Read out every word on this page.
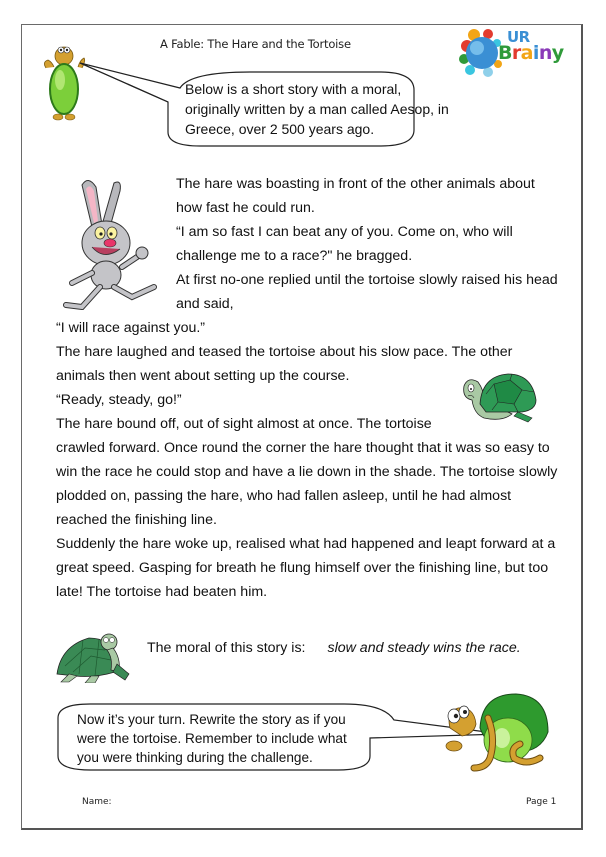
A Fable: The Hare and the Tortoise	UR
Brainy
Below is a short story with a moral,
originally written by a man called Aesop, in
Greece, over 2 500 years ago.
The hare was boasting in front of the other animals about
how fast he could run.
“I am so fast I can beat any of you. Come on, who will
challenge me to a race?" he bragged.
At first no-one replied until the tortoise slowly raised his head
and said,
“I will race against you.”
The hare laughed and teased the tortoise about his slow pace. The other
animals then went about setting up the course.
“Ready, steady, go!”
The hare bound off, out of sight almost at once. The tortoise
crawled forward. Once round the corner the hare thought that it was so easy to
win the race he could stop and have a lie down in the shade. The tortoise slowly
plodded on, passing the hare, who had fallen asleep, until he had almost
reached the finishing line.
Suddenly the hare woke up, realised what had happened and leapt forward at a
great speed. Gasping for breath he flung himself over the finishing line, but too
late! The tortoise had beaten him.
The moral of this story is: slow and steady wins the race.
Now it’s your turn. Rewrite the story as if you
were the tortoise. Remember to include what
you were thinking during the challenge.
Name:	Page 1
